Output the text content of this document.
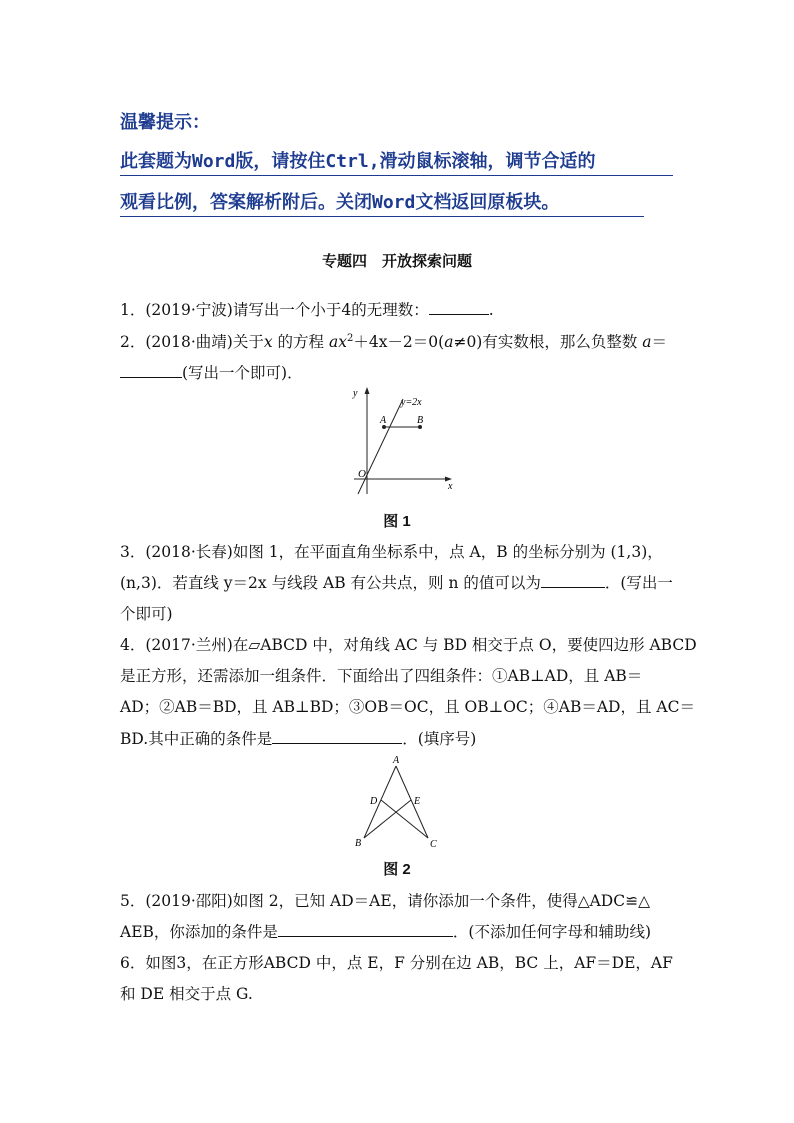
温馨提示：
此套题为Word版，请按住Ctrl,滑动鼠标滚轴，调节合适的
观看比例，答案解析附后。关闭Word文档返回原板块。
专题四　开放探索问题
1．(2019·宁波)请写出一个小于4的无理数：	.
2．(2018·曲靖)关于x 的方程 $ax^2+4x-2=0(a\ne 0)$有实数根，那么负整数 a＝
(写出一个即可)．
y
x
O
A	B
y=2x
图 1
3．(2018·长春)如图 1，在平面直角坐标系中，点 A，B 的坐标分别为 (1,3)，
(n,3)．若直线 y＝2x 与线段 AB 有公共点，则 n 的值可以为	．(写出一
个即可)
4．(2017·兰州)在▱ABCD 中，对角线 AC 与 BD 相交于点 O，要使四边形 ABCD
是正方形，还需添加一组条件．下面给出了四组条件：①AB⊥AD，且 AB＝
AD；②AB＝BD，且 AB⊥BD；③OB＝OC，且 OB⊥OC；④AB＝AD，且 AC＝
BD.其中正确的条件是	．(填序号)
A
B	C
D	E
图 2
5．(2019·邵阳)如图 2，已知 AD＝AE，请你添加一个条件，使得△ADC≌△
AEB，你添加的条件是	．(不添加任何字母和辅助线)
6．如图3，在正方形ABCD 中，点 E，F 分别在边 AB，BC 上，AF＝DE，AF
和 DE 相交于点 G.
